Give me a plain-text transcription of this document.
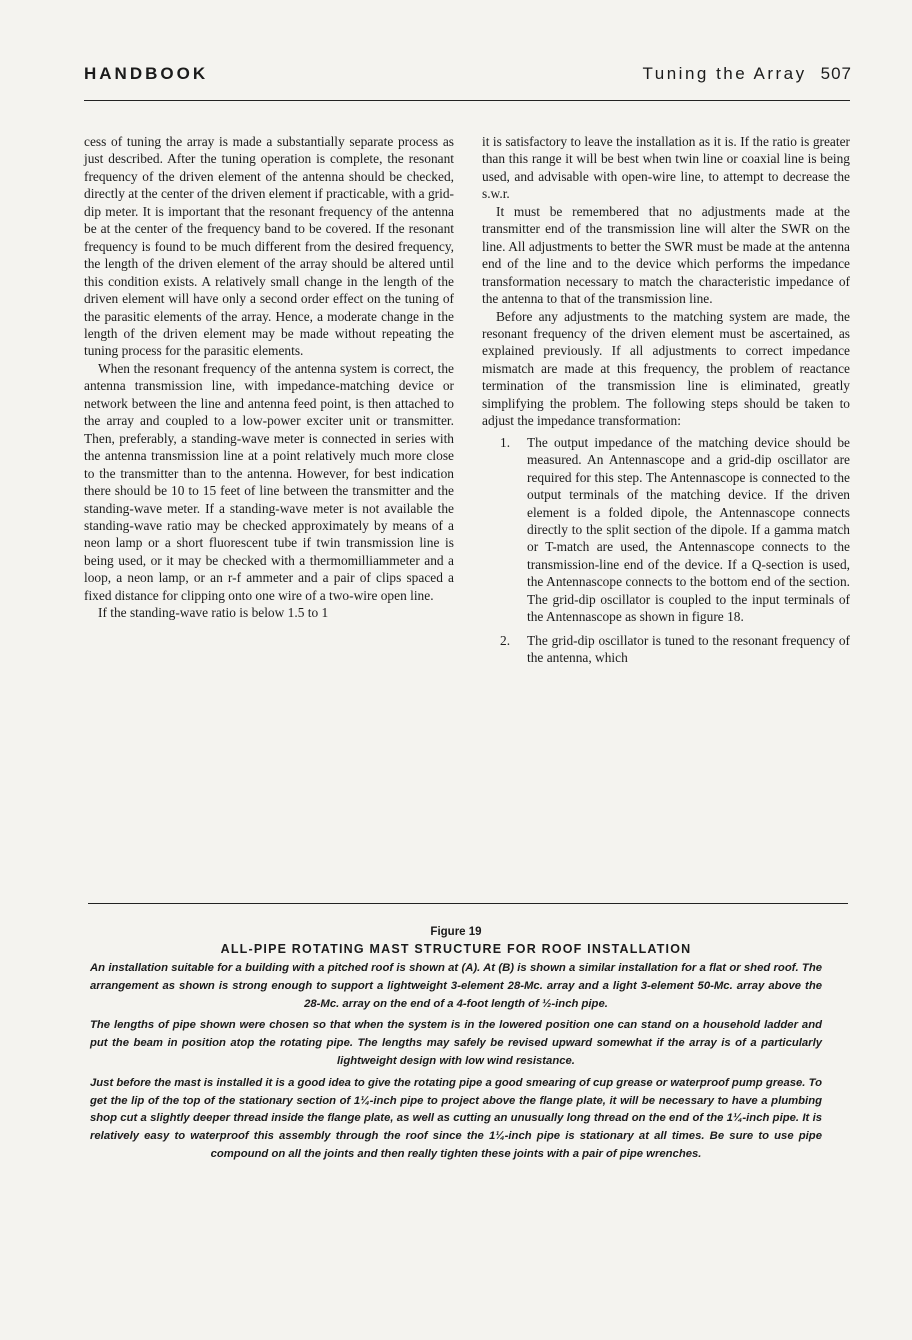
HANDBOOK	Tuning the Array 507

cess of tuning the array is made a substantially separate process as just described. After the tuning operation is complete, the resonant frequency of the driven element of the antenna should be checked, directly at the center of the driven element if practicable, with a grid-dip meter. It is important that the resonant frequency of the antenna be at the center of the frequency band to be covered. If the resonant frequency is found to be much different from the desired frequency, the length of the driven element of the array should be altered until this condition exists. A relatively small change in the length of the driven element will have only a second order effect on the tuning of the parasitic elements of the array. Hence, a moderate change in the length of the driven element may be made without repeating the tuning process for the parasitic elements.

When the resonant frequency of the antenna system is correct, the antenna transmission line, with impedance-matching device or network between the line and antenna feed point, is then attached to the array and coupled to a low-power exciter unit or transmitter. Then, preferably, a standing-wave meter is connected in series with the antenna transmission line at a point relatively much more close to the transmitter than to the antenna. However, for best indication there should be 10 to 15 feet of line between the transmitter and the standing-wave meter. If a standing-wave meter is not available the standing-wave ratio may be checked approximately by means of a neon lamp or a short fluorescent tube if twin transmission line is being used, or it may be checked with a thermomilliammeter and a loop, a neon lamp, or an r-f ammeter and a pair of clips spaced a fixed distance for clipping onto one wire of a two-wire open line.

If the standing-wave ratio is below 1.5 to 1

it is satisfactory to leave the installation as it is. If the ratio is greater than this range it will be best when twin line or coaxial line is being used, and advisable with open-wire line, to attempt to decrease the s.w.r.

It must be remembered that no adjustments made at the transmitter end of the transmission line will alter the SWR on the line. All adjustments to better the SWR must be made at the antenna end of the line and to the device which performs the impedance transformation necessary to match the characteristic impedance of the antenna to that of the transmission line.

Before any adjustments to the matching system are made, the resonant frequency of the driven element must be ascertained, as explained previously. If all adjustments to correct impedance mismatch are made at this frequency, the problem of reactance termination of the transmission line is eliminated, greatly simplifying the problem. The following steps should be taken to adjust the impedance transformation:

1. The output impedance of the matching device should be measured. An Antennascope and a grid-dip oscillator are required for this step. The Antennascope is connected to the output terminals of the matching device. If the driven element is a folded dipole, the Antennascope connects directly to the split section of the dipole. If a gamma match or T-match are used, the Antennascope connects to the transmission-line end of the device. If a Q-section is used, the Antennascope connects to the bottom end of the section. The grid-dip oscillator is coupled to the input terminals of the Antennascope as shown in figure 18.
2. The grid-dip oscillator is tuned to the resonant frequency of the antenna, which
Figure 19
ALL-PIPE ROTATING MAST STRUCTURE FOR ROOF INSTALLATION

An installation suitable for a building with a pitched roof is shown at (A). At (B) is shown a similar installation for a flat or shed roof. The arrangement as shown is strong enough to support a lightweight 3-element 28-Mc. array and a light 3-element 50-Mc. array above the 28-Mc. array on the end of a 4-foot length of ½-inch pipe.

The lengths of pipe shown were chosen so that when the system is in the lowered position one can stand on a household ladder and put the beam in position atop the rotating pipe. The lengths may safely be revised upward somewhat if the array is of a particularly lightweight design with low wind resistance.

Just before the mast is installed it is a good idea to give the rotating pipe a good smearing of cup grease or waterproof pump grease. To get the lip of the top of the stationary section of 1¼-inch pipe to project above the flange plate, it will be necessary to have a plumbing shop cut a slightly deeper thread inside the flange plate, as well as cutting an unusually long thread on the end of the 1¼-inch pipe. It is relatively easy to waterproof this assembly through the roof since the 1¼-inch pipe is stationary at all times. Be sure to use pipe compound on all the joints and then really tighten these joints with a pair of pipe wrenches.
